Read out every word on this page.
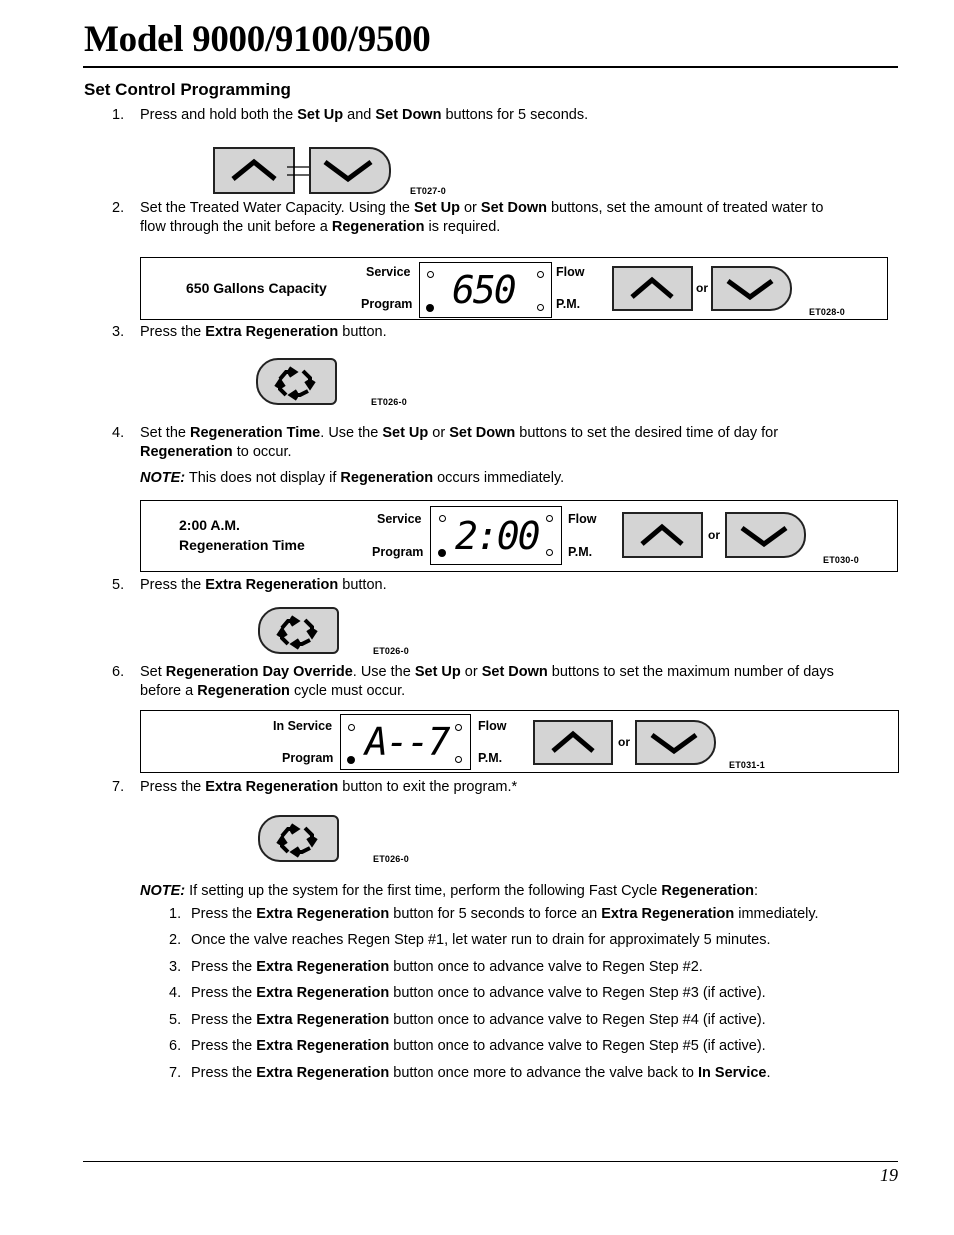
Model 9000/9100/9500
Set Control Programming
1. Press and hold both the Set Up and Set Down buttons for 5 seconds.
ET027-0
2. Set the Treated Water Capacity. Using the Set Up or Set Down buttons, set the amount of treated water to
flow through the unit before a Regeneration is required.
650 Gallons Capacity
Service
Program 650	Flow
P.M.
or
ET028-0
3. Press the Extra Regeneration button.
ET026-0
4. Set the Regeneration Time. Use the Set Up or Set Down buttons to set the desired time of day for
Regeneration to occur.
NOTE: This does not display if Regeneration occurs immediately.
2:00 A.M.
Regeneration Time
Service
Program 2:00 Flow
P.M.
or
ET030-0
5. Press the Extra Regeneration button.
ET026-0
6. Set Regeneration Day Override. Use the Set Up or Set Down buttons to set the maximum number of days
before a Regeneration cycle must occur.
In Service
Program A--7 Flow
P.M.
or
ET031-1
7. Press the Extra Regeneration button to exit the program.*
ET026-0
NOTE: If setting up the system for the first time, perform the following Fast Cycle Regeneration:
1. Press the Extra Regeneration button for 5 seconds to force an Extra Regeneration immediately.
2. Once the valve reaches Regen Step #1, let water run to drain for approximately 5 minutes.
3. Press the Extra Regeneration button once to advance valve to Regen Step #2.
4. Press the Extra Regeneration button once to advance valve to Regen Step #3 (if active).
5. Press the Extra Regeneration button once to advance valve to Regen Step #4 (if active).
6. Press the Extra Regeneration button once to advance valve to Regen Step #5 (if active).
7. Press the Extra Regeneration button once more to advance the valve back to In Service.
19
